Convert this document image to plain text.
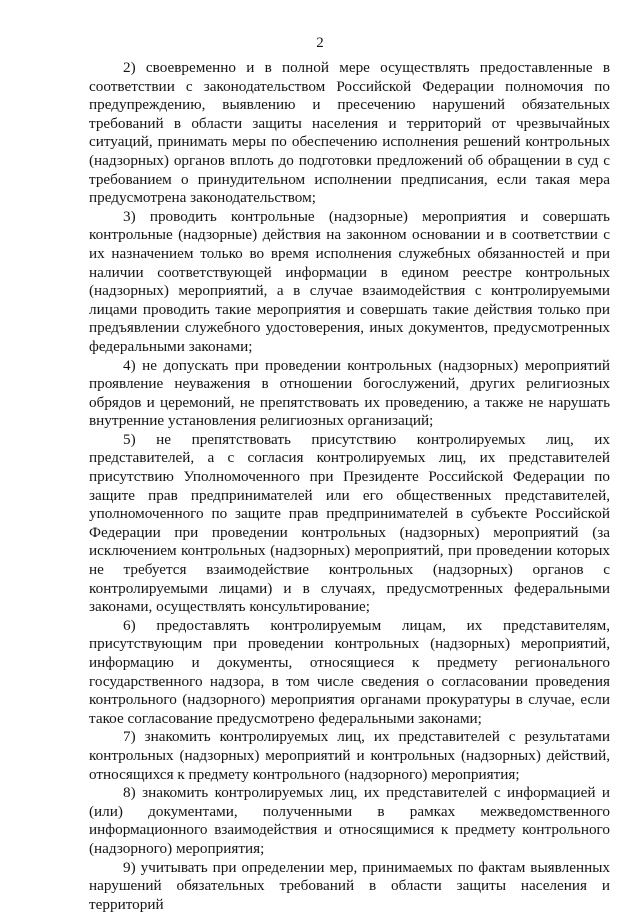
2

2) своевременно и в полной мере осуществлять предоставленные в соответствии с законодательством Российской Федерации полномочия по предупреждению, выявлению и пресечению нарушений обязательных требований в области защиты населения и территорий от чрезвычайных ситуаций, принимать меры по обеспечению исполнения решений контрольных (надзорных) органов вплоть до подготовки предложений об обращении в суд с требованием о принудительном исполнении предписания, если такая мера предусмотрена законодательством;

3) проводить контрольные (надзорные) мероприятия и совершать контрольные (надзорные) действия на законном основании и в соответствии с их назначением только во время исполнения служебных обязанностей и при наличии соответствующей информации в едином реестре контрольных (надзорных) мероприятий, а в случае взаимодействия с контролируемыми лицами проводить такие мероприятия и совершать такие действия только при предъявлении служебного удостоверения, иных документов, предусмотренных федеральными законами;

4) не допускать при проведении контрольных (надзорных) мероприятий проявление неуважения в отношении богослужений, других религиозных обрядов и церемоний, не препятствовать их проведению, а также не нарушать внутренние установления религиозных организаций;

5) не препятствовать присутствию контролируемых лиц, их представителей, а с согласия контролируемых лиц, их представителей присутствию Уполномоченного при Президенте Российской Федерации по защите прав предпринимателей или его общественных представителей, уполномоченного по защите прав предпринимателей в субъекте Российской Федерации при проведении контрольных (надзорных) мероприятий (за исключением контрольных (надзорных) мероприятий, при проведении которых не требуется взаимодействие контрольных (надзорных) органов с контролируемыми лицами) и в случаях, предусмотренных федеральными законами, осуществлять консультирование;

6) предоставлять контролируемым лицам, их представителям, присутствующим при проведении контрольных (надзорных) мероприятий, информацию и документы, относящиеся к предмету регионального государственного надзора, в том числе сведения о согласовании проведения контрольного (надзорного) мероприятия органами прокуратуры в случае, если такое согласование предусмотрено федеральными законами;

7) знакомить контролируемых лиц, их представителей с результатами контрольных (надзорных) мероприятий и контрольных (надзорных) действий, относящихся к предмету контрольного (надзорного) мероприятия;

8) знакомить контролируемых лиц, их представителей с информацией и (или) документами, полученными в рамках межведомственного информационного взаимодействия и относящимися к предмету контрольного (надзорного) мероприятия;

9) учитывать при определении мер, принимаемых по фактам выявленных нарушений обязательных требований в области защиты населения и территорий
